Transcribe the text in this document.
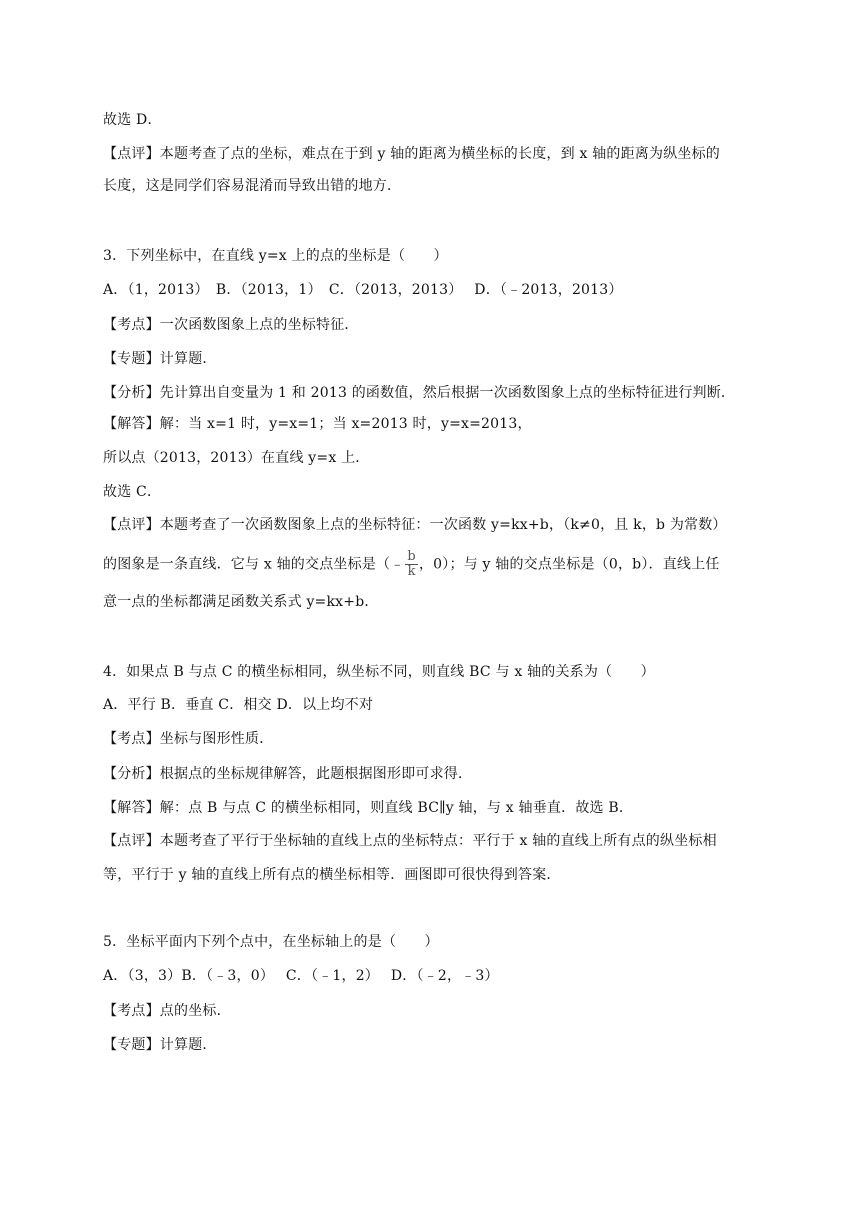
故选 D．
【点评】本题考查了点的坐标，难点在于到 y 轴的距离为横坐标的长度，到 x 轴的距离为纵坐标的
长度，这是同学们容易混淆而导致出错的地方．
3．下列坐标中，在直线 y=x 上的点的坐标是（　　）
A．（1，2013）　B．（2013，1）　C．（2013，2013）　 D．（﹣2013，2013）
【考点】一次函数图象上点的坐标特征．
【专题】计算题．
【分析】先计算出自变量为 1 和 2013 的函数值，然后根据一次函数图象上点的坐标特征进行判断．
【解答】解：当 x=1 时，y=x=1；当 x=2013 时，y=x=2013，
所以点（2013，2013）在直线 y=x 上．
故选 C．
【点评】本题考查了一次函数图象上点的坐标特征：一次函数 y=kx+b，（k≠0，且 k，b 为常数）
的图象是一条直线．它与 x 轴的交点坐标是（﹣ $\frac{b}{k}$ ，0）；与 y 轴的交点坐标是（0，b）．直线上任
意一点的坐标都满足函数关系式 y=kx+b．
4．如果点 B 与点 C 的横坐标相同，纵坐标不同，则直线 BC 与 x 轴的关系为（　　）
A．平行 B．垂直 C．相交 D．以上均不对
【考点】坐标与图形性质．
【分析】根据点的坐标规律解答，此题根据图形即可求得．
【解答】解：点 B 与点 C 的横坐标相同，则直线 BC∥y 轴，与 x 轴垂直．故选 B．
【点评】本题考查了平行于坐标轴的直线上点的坐标特点：平行于 x 轴的直线上所有点的纵坐标相
等，平行于 y 轴的直线上所有点的横坐标相等．画图即可很快得到答案．
5．坐标平面内下列个点中，在坐标轴上的是（　　）
A．（3，3）B．（﹣3，0）　 C．（﹣1，2）　 D．（﹣2，﹣3）
【考点】点的坐标．
【专题】计算题．
